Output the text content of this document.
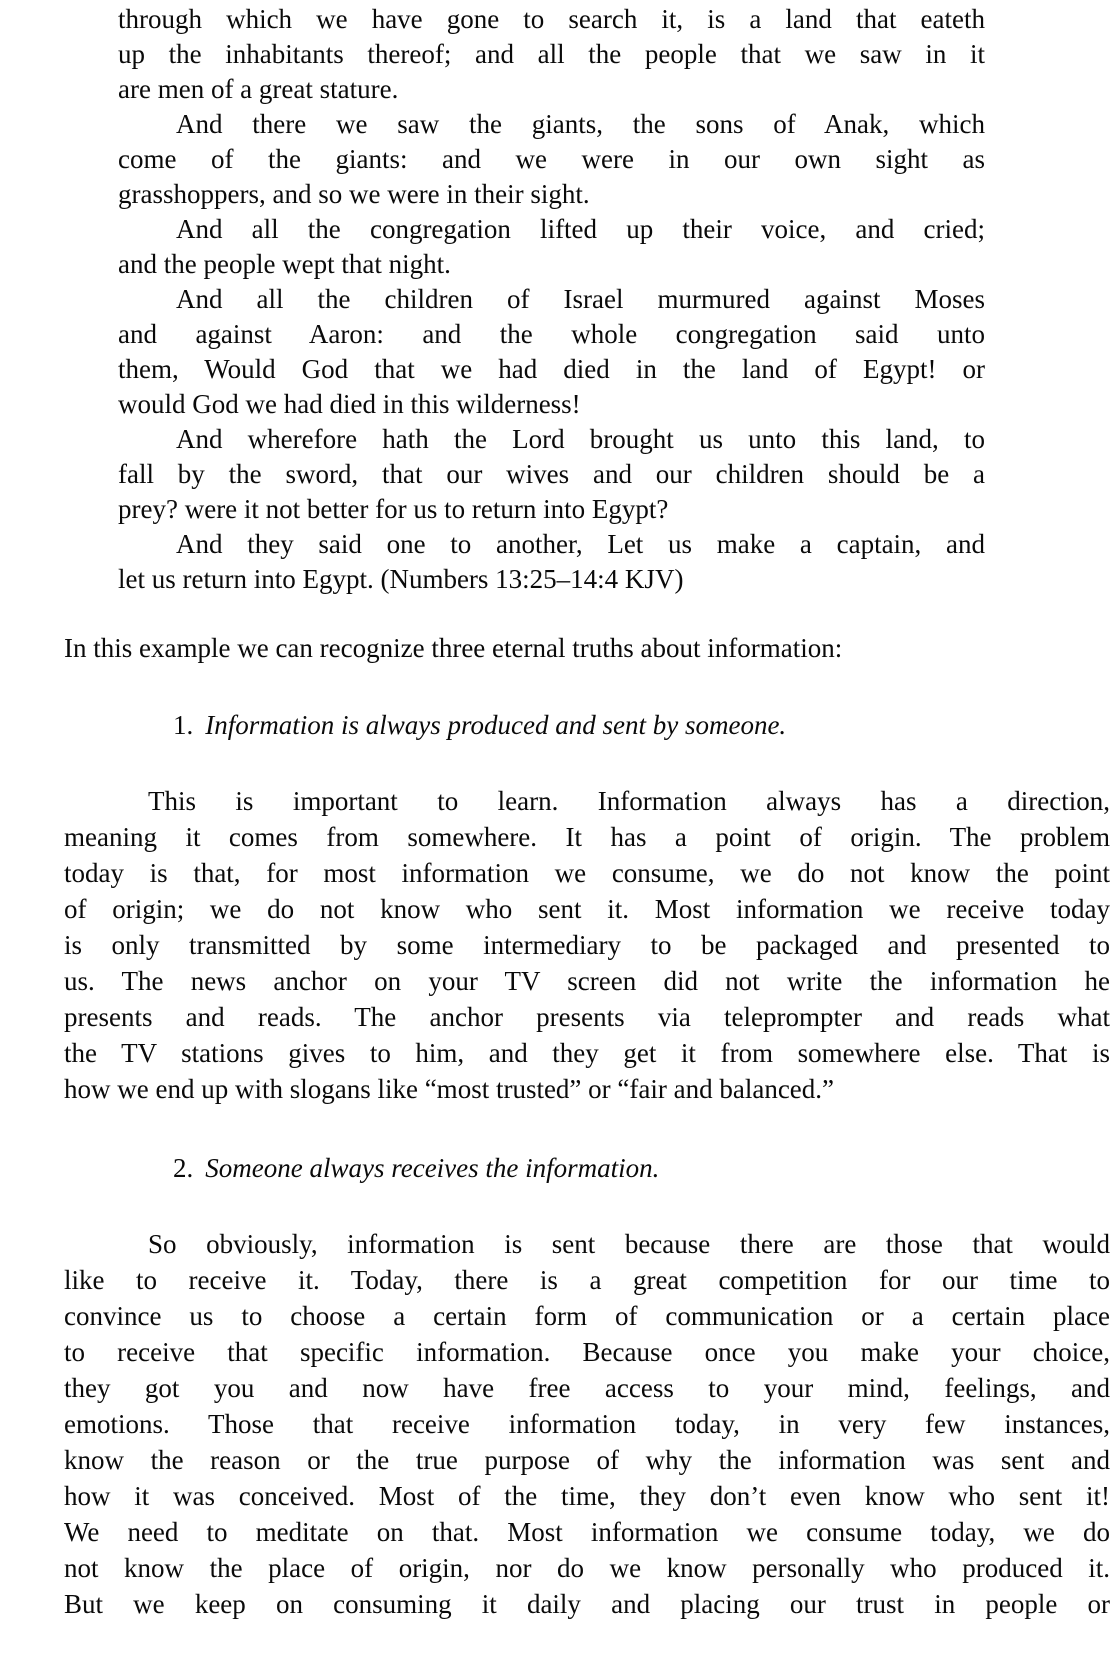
through which we have gone to search it, is a land that eateth
up the inhabitants thereof; and all the people that we saw in it
are men of a great stature.
And there we saw the giants, the sons of Anak, which
come of the giants: and we were in our own sight as
grasshoppers, and so we were in their sight.
And all the congregation lifted up their voice, and cried;
and the people wept that night.
And all the children of Israel murmured against Moses
and against Aaron: and the whole congregation said unto
them, Would God that we had died in the land of Egypt! or
would God we had died in this wilderness!
And wherefore hath the Lord brought us unto this land, to
fall by the sword, that our wives and our children should be a
prey? were it not better for us to return into Egypt?
And they said one to another, Let us make a captain, and
let us return into Egypt. (Numbers 13:25–14:4 KJV)
In this example we can recognize three eternal truths about information:
1. Information is always produced and sent by someone.
This is important to learn. Information always has a direction,
meaning it comes from somewhere. It has a point of origin. The problem
today is that, for most information we consume, we do not know the point
of origin; we do not know who sent it. Most information we receive today
is only transmitted by some intermediary to be packaged and presented to
us. The news anchor on your TV screen did not write the information he
presents and reads. The anchor presents via teleprompter and reads what
the TV stations gives to him, and they get it from somewhere else. That is
how we end up with slogans like “most trusted” or “fair and balanced.”
2. Someone always receives the information.
So obviously, information is sent because there are those that would
like to receive it. Today, there is a great competition for our time to
convince us to choose a certain form of communication or a certain place
to receive that specific information. Because once you make your choice,
they got you and now have free access to your mind, feelings, and
emotions. Those that receive information today, in very few instances,
know the reason or the true purpose of why the information was sent and
how it was conceived. Most of the time, they don’t even know who sent it!
We need to meditate on that. Most information we consume today, we do
not know the place of origin, nor do we know personally who produced it.
But we keep on consuming it daily and placing our trust in people or
